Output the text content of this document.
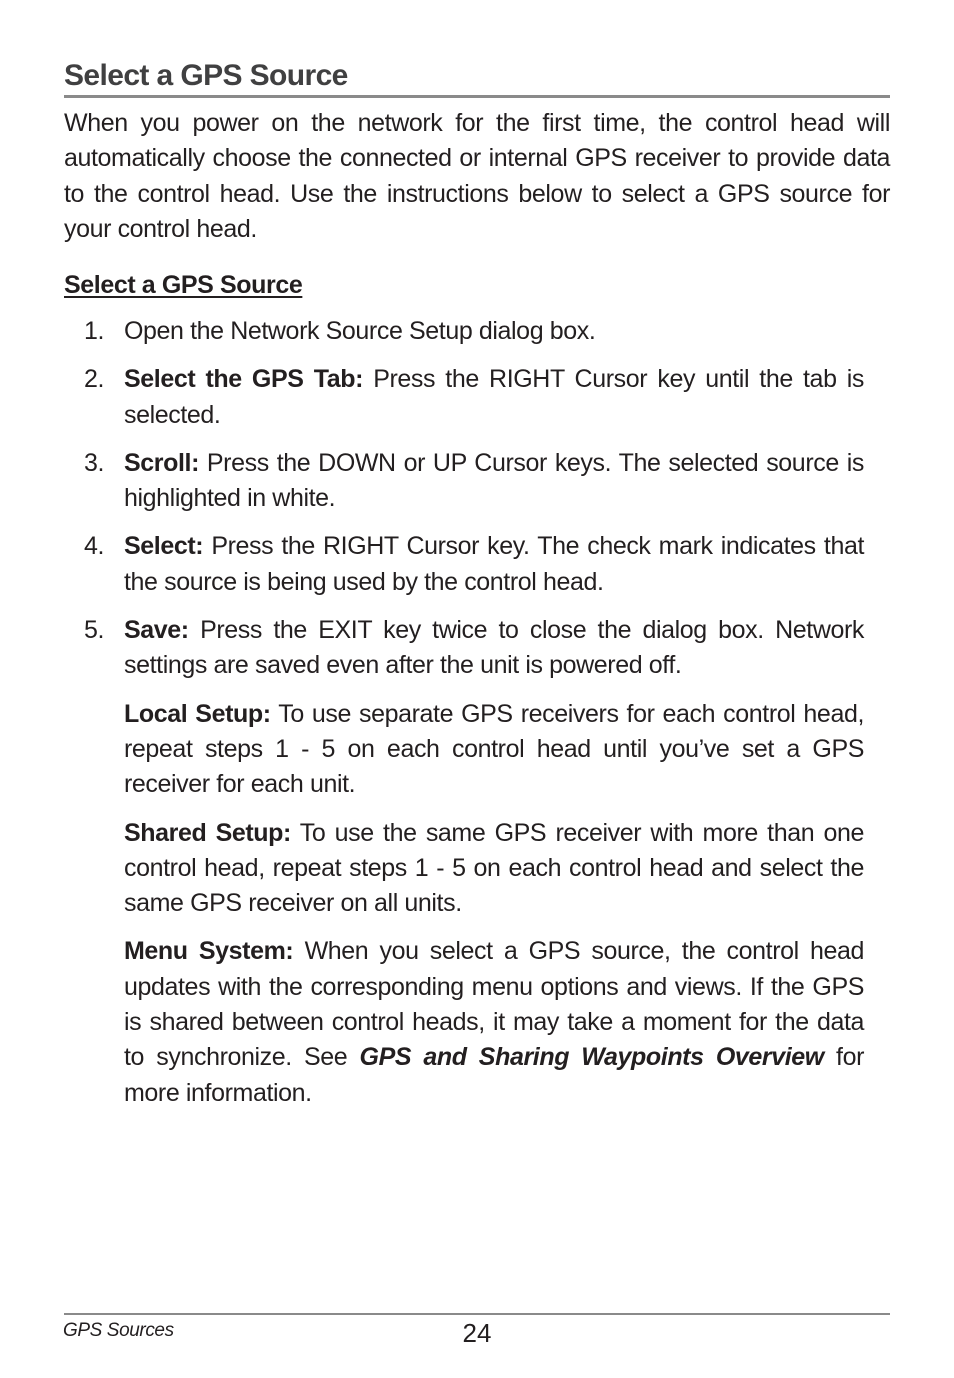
Select a GPS Source

When you power on the network for the first time, the control head will automatically choose the connected or internal GPS receiver to provide data to the control head. Use the instructions below to select a GPS source for your control head.

Select a GPS Source
1. Open the Network Source Setup dialog box.
2. Select the GPS Tab: Press the RIGHT Cursor key until the tab is selected.
3. Scroll: Press the DOWN or UP Cursor keys. The selected source is highlighted in white.
4. Select: Press the RIGHT Cursor key. The check mark indicates that the source is being used by the control head.
5. Save: Press the EXIT key twice to close the dialog box. Network settings are saved even after the unit is powered off.
Local Setup: To use separate GPS receivers for each control head, repeat steps 1 - 5 on each control head until you’ve set a GPS receiver for each unit.
Shared Setup: To use the same GPS receiver with more than one control head, repeat steps 1 - 5 on each control head and select the same GPS receiver on all units.
Menu System: When you select a GPS source, the control head updates with the corresponding menu options and views. If the GPS is shared between control heads, it may take a moment for the data to synchronize. See GPS and Sharing Waypoints Overview for more information.
GPS Sources	24
